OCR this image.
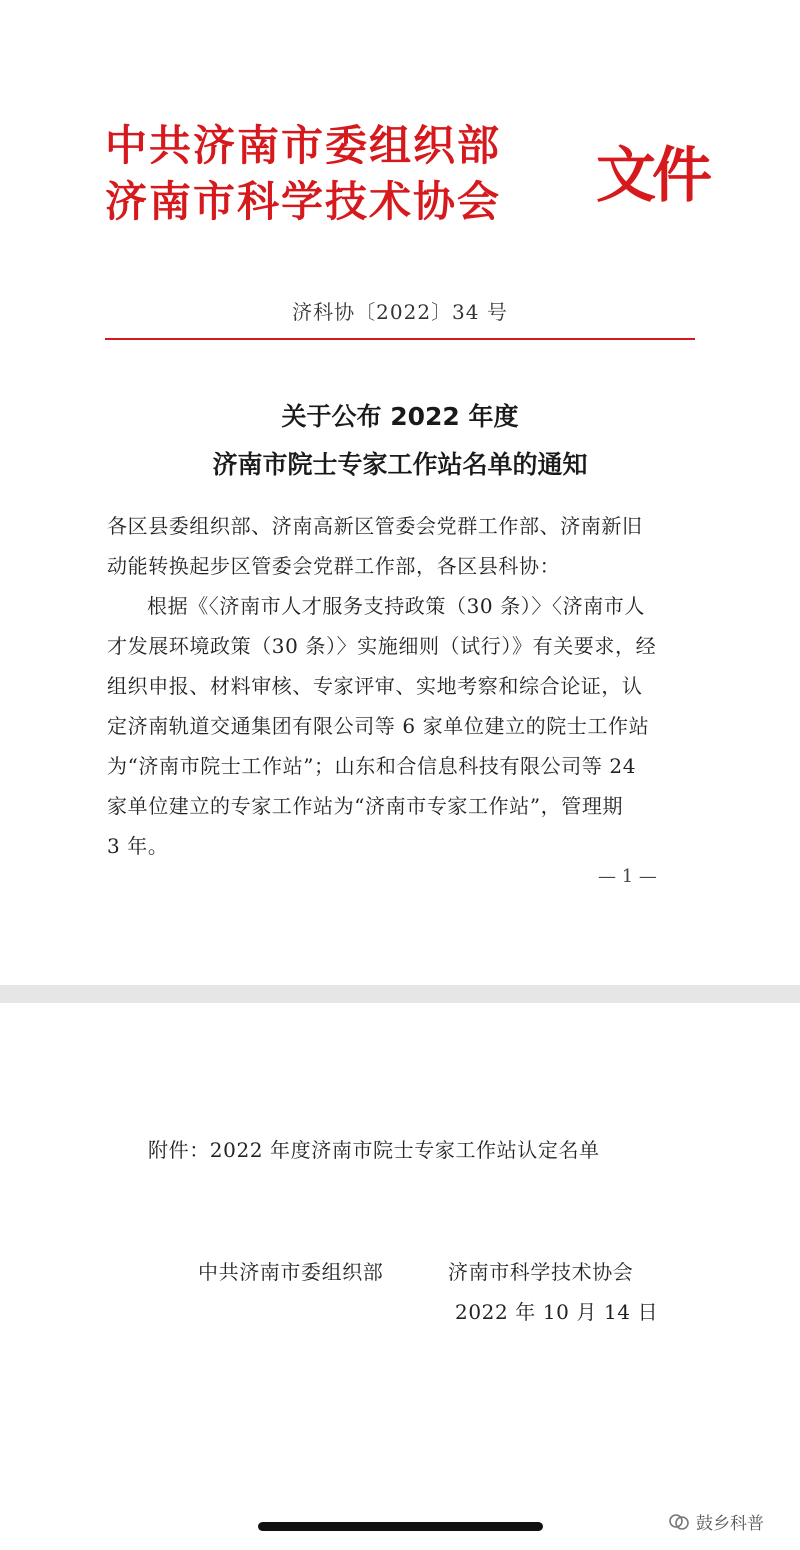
中共济南市委组织部
济南市科学技术协会 文件
济科协〔2022〕34 号
关于公布 2022 年度
济南市院士专家工作站名单的通知
各区县委组织部、济南高新区管委会党群工作部、济南新旧
动能转换起步区管委会党群工作部，各区县科协：
根据《〈济南市人才服务支持政策（30 条）〉〈济南市人
才发展环境政策（30 条）〉实施细则（试行）》有关要求，经
组织申报、材料审核、专家评审、实地考察和综合论证，认
定济南轨道交通集团有限公司等 6 家单位建立的院士工作站
为“济南市院士工作站”；山东和合信息科技有限公司等 24
家单位建立的专家工作站为“济南市专家工作站”，管理期
3 年。
— 1 —
附件：2022 年度济南市院士专家工作站认定名单
中共济南市委组织部	济南市科学技术协会
2022 年 10 月 14 日
鼓乡科普
